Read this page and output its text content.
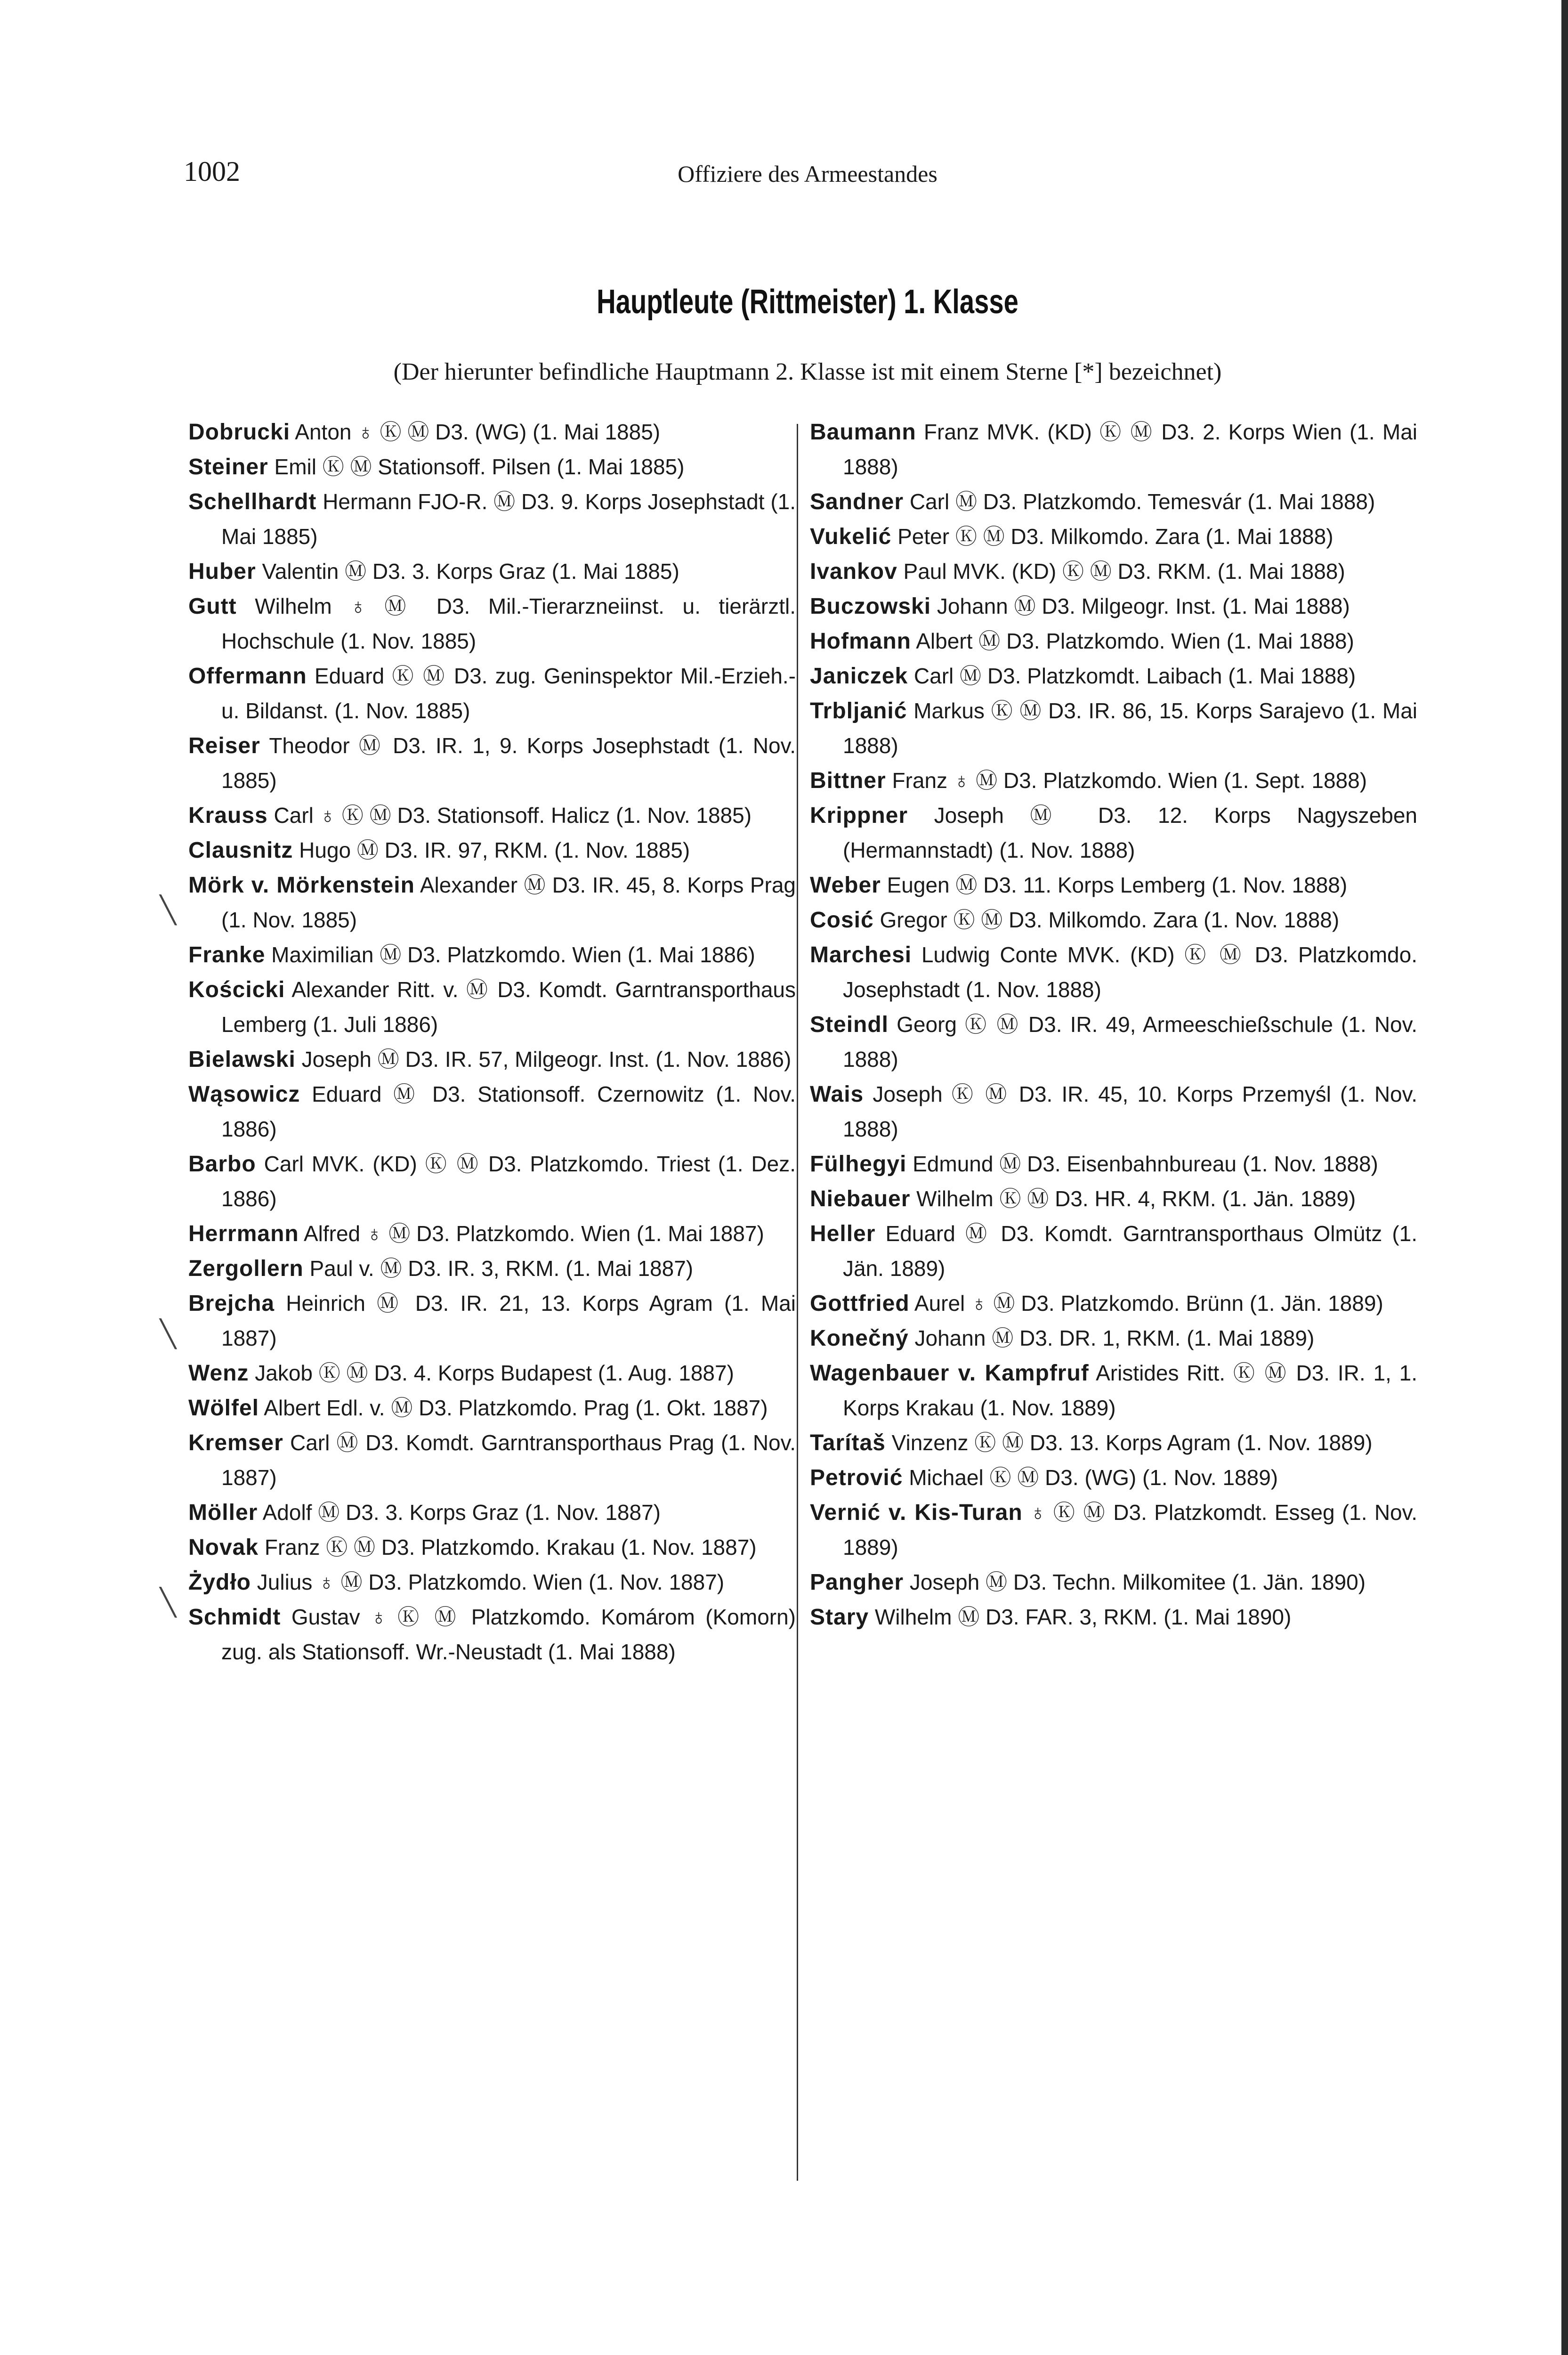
1002	Offiziere des Armeestandes
Hauptleute (Rittmeister) 1. Klasse
(Der hierunter befindliche Hauptmann 2. Klasse ist mit einem Sterne [*] bezeichnet)

Dobrucki Anton ♁ Ⓚ Ⓜ D3. (WG) (1. Mai 1885)

Steiner Emil Ⓚ Ⓜ Stationsoff. Pilsen (1. Mai 1885)

Schellhardt Hermann FJO-R. Ⓜ D3. 9. Korps Josephstadt (1. Mai 1885)

Huber Valentin Ⓜ D3. 3. Korps Graz (1. Mai 1885)

Gutt Wilhelm ♁ Ⓜ D3. Mil.-Tierarzneiinst. u. tierärztl. Hochschule (1. Nov. 1885)

Offermann Eduard Ⓚ Ⓜ D3. zug. Geninspektor Mil.-Erzieh.- u. Bildanst. (1. Nov. 1885)

Reiser Theodor Ⓜ D3. IR. 1, 9. Korps Josephstadt (1. Nov. 1885)

Krauss Carl ♁ Ⓚ Ⓜ D3. Stationsoff. Halicz (1. Nov. 1885)

Clausnitz Hugo Ⓜ D3. IR. 97, RKM. (1. Nov. 1885)

Mörk v. Mörkenstein Alexander Ⓜ D3. IR. 45, 8. Korps Prag (1. Nov. 1885)

Franke Maximilian Ⓜ D3. Platzkomdo. Wien (1. Mai 1886)

Kościcki Alexander Ritt. v. Ⓜ D3. Komdt. Garntransporthaus Lemberg (1. Juli 1886)

Bielawski Joseph Ⓜ D3. IR. 57, Milgeogr. Inst. (1. Nov. 1886)

Wąsowicz Eduard Ⓜ D3. Stationsoff. Czernowitz (1. Nov. 1886)

Barbo Carl MVK. (KD) Ⓚ Ⓜ D3. Platzkomdo. Triest (1. Dez. 1886)

Herrmann Alfred ♁ Ⓜ D3. Platzkomdo. Wien (1. Mai 1887)

Zergollern Paul v. Ⓜ D3. IR. 3, RKM. (1. Mai 1887)

Brejcha Heinrich Ⓜ D3. IR. 21, 13. Korps Agram (1. Mai 1887)

Wenz Jakob Ⓚ Ⓜ D3. 4. Korps Budapest (1. Aug. 1887)

Wölfel Albert Edl. v. Ⓜ D3. Platzkomdo. Prag (1. Okt. 1887)

Kremser Carl Ⓜ D3. Komdt. Garntransporthaus Prag (1. Nov. 1887)

Möller Adolf Ⓜ D3. 3. Korps Graz (1. Nov. 1887)

Novak Franz Ⓚ Ⓜ D3. Platzkomdo. Krakau (1. Nov. 1887)

Żydło Julius ♁ Ⓜ D3. Platzkomdo. Wien (1. Nov. 1887)

Schmidt Gustav ♁ Ⓚ Ⓜ Platzkomdo. Komárom (Komorn) zug. als Stationsoff. Wr.-Neustadt (1. Mai 1888)

Baumann Franz MVK. (KD) Ⓚ Ⓜ D3. 2. Korps Wien (1. Mai 1888)

Sandner Carl Ⓜ D3. Platzkomdo. Temesvár (1. Mai 1888)

Vukelić Peter Ⓚ Ⓜ D3. Milkomdo. Zara (1. Mai 1888)

Ivankov Paul MVK. (KD) Ⓚ Ⓜ D3. RKM. (1. Mai 1888)

Buczowski Johann Ⓜ D3. Milgeogr. Inst. (1. Mai 1888)

Hofmann Albert Ⓜ D3. Platzkomdo. Wien (1. Mai 1888)

Janiczek Carl Ⓜ D3. Platzkomdt. Laibach (1. Mai 1888)

Trbljanić Markus Ⓚ Ⓜ D3. IR. 86, 15. Korps Sarajevo (1. Mai 1888)

Bittner Franz ♁ Ⓜ D3. Platzkomdo. Wien (1. Sept. 1888)

Krippner Joseph Ⓜ D3. 12. Korps Nagyszeben (Hermannstadt) (1. Nov. 1888)

Weber Eugen Ⓜ D3. 11. Korps Lemberg (1. Nov. 1888)

Cosić Gregor Ⓚ Ⓜ D3. Milkomdo. Zara (1. Nov. 1888)

Marchesi Ludwig Conte MVK. (KD) Ⓚ Ⓜ D3. Platzkomdo. Josephstadt (1. Nov. 1888)

Steindl Georg Ⓚ Ⓜ D3. IR. 49, Armeeschießschule (1. Nov. 1888)

Wais Joseph Ⓚ Ⓜ D3. IR. 45, 10. Korps Przemyśl (1. Nov. 1888)

Fülhegyi Edmund Ⓜ D3. Eisenbahnbureau (1. Nov. 1888)

Niebauer Wilhelm Ⓚ Ⓜ D3. HR. 4, RKM. (1. Jän. 1889)

Heller Eduard Ⓜ D3. Komdt. Garntransporthaus Olmütz (1. Jän. 1889)

Gottfried Aurel ♁ Ⓜ D3. Platzkomdo. Brünn (1. Jän. 1889)

Konečný Johann Ⓜ D3. DR. 1, RKM. (1. Mai 1889)

Wagenbauer v. Kampfruf Aristides Ritt. Ⓚ Ⓜ D3. IR. 1, 1. Korps Krakau (1. Nov. 1889)

Tarítaš Vinzenz Ⓚ Ⓜ D3. 13. Korps Agram (1. Nov. 1889)

Petrović Michael Ⓚ Ⓜ D3. (WG) (1. Nov. 1889)

Vernić v. Kis-Turan ♁ Ⓚ Ⓜ D3. Platzkomdt. Esseg (1. Nov. 1889)

Pangher Joseph Ⓜ D3. Techn. Milkomitee (1. Jän. 1890)

Stary Wilhelm Ⓜ D3. FAR. 3, RKM. (1. Mai 1890)

╲
╲
╲
